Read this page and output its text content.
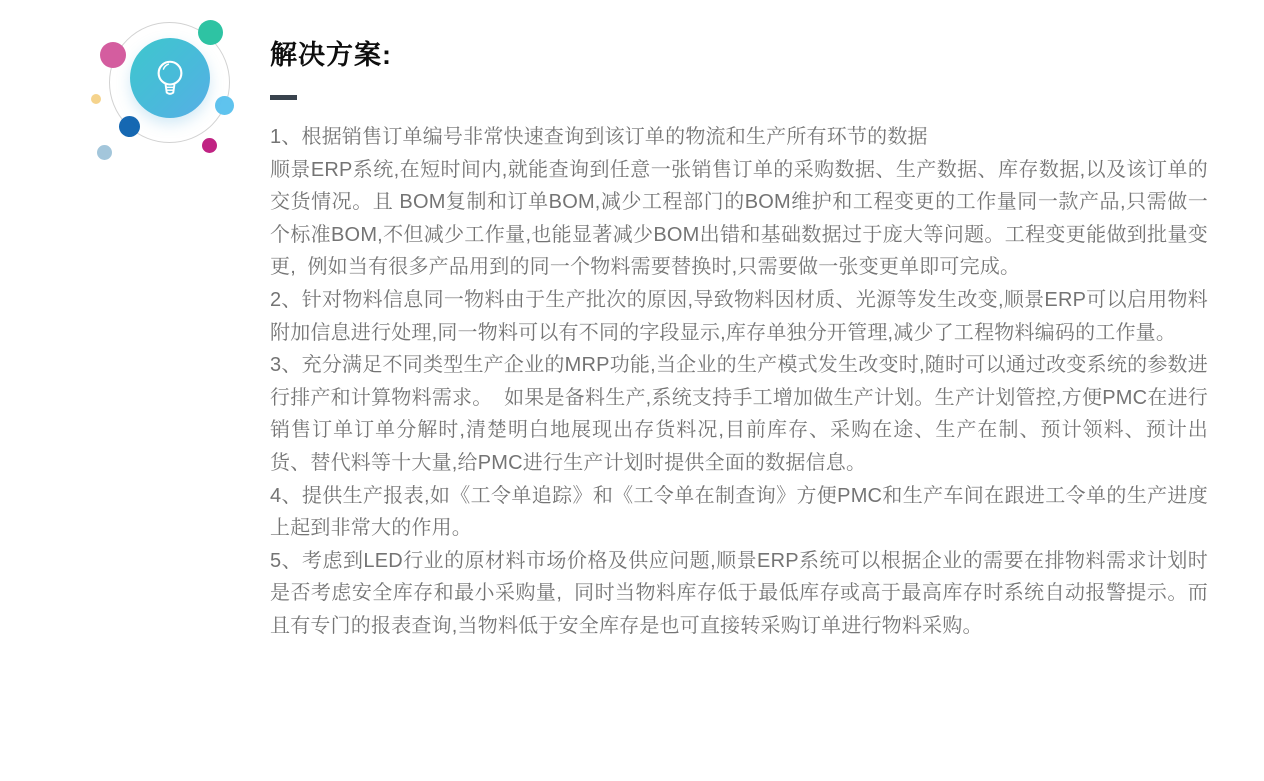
解决方案:

1、根据销售订单编号非常快速查询到该订单的物流和生产所有环节的数据

顺景ERP系统,在短时间内,就能查询到任意一张销售订单的采购数据、生产数据、库存数据,以及该订单的交货情况。且 BOM复制和订单BOM,减少工程部门的BOM维护和工程变更的工作量同一款产品,只需做一个标准BOM,不但减少工作量,也能显著减少BOM出错和基础数据过于庞大等问题。工程变更能做到批量变更,  例如当有很多产品用到的同一个物料需要替换时,只需要做一张变更单即可完成。

2、针对物料信息同一物料由于生产批次的原因,导致物料因材质、光源等发生改变,顺景ERP可以启用物料附加信息进行处理,同一物料可以有不同的字段显示,库存单独分开管理,减少了工程物料编码的工作量。

3、充分满足不同类型生产企业的MRP功能,当企业的生产模式发生改变时,随时可以通过改变系统的参数进行排产和计算物料需求。  如果是备料生产,系统支持手工增加做生产计划。生产计划管控,方便PMC在进行销售订单订单分解时,清楚明白地展现出存货料况,目前库存、采购在途、生产在制、预计领料、预计出货、替代料等十大量,给PMC进行生产计划时提供全面的数据信息。

4、提供生产报表,如《工令单追踪》和《工令单在制查询》方便PMC和生产车间在跟进工令单的生产进度上起到非常大的作用。

5、考虑到LED行业的原材料市场价格及供应问题,顺景ERP系统可以根据企业的需要在排物料需求计划时是否考虑安全库存和最小采购量,  同时当物料库存低于最低库存或高于最高库存时系统自动报警提示。而且有专门的报表查询,当物料低于安全库存是也可直接转采购订单进行物料采购。
